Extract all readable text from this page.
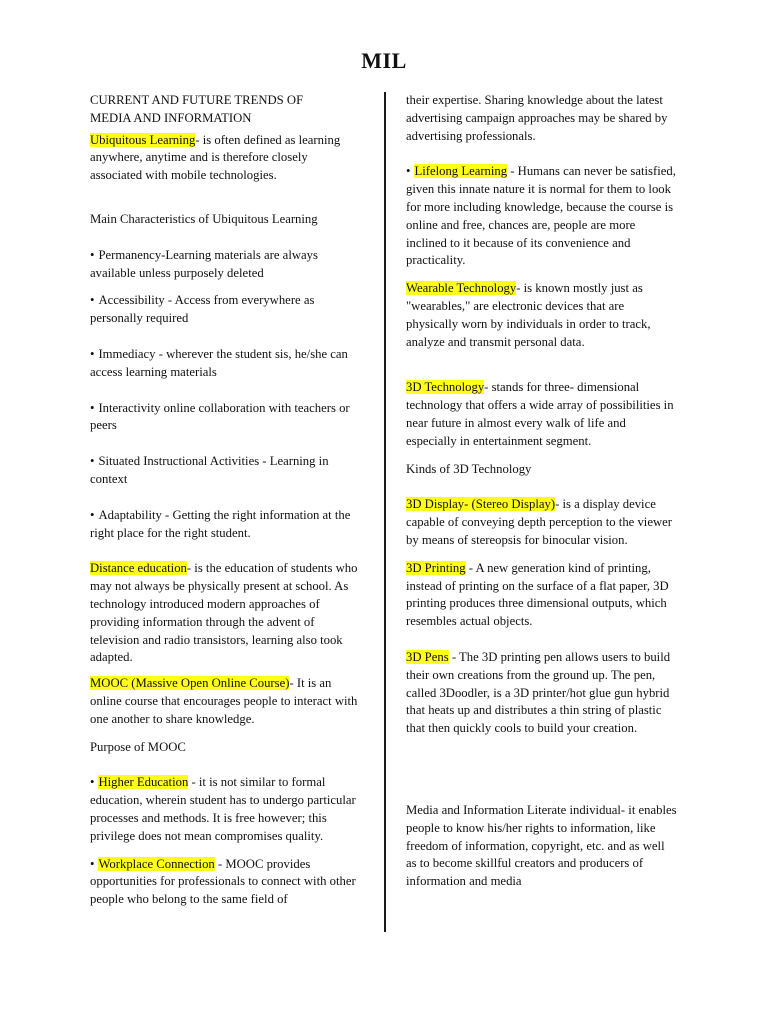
MIL

CURRENT AND FUTURE TRENDS OF MEDIA AND INFORMATION

Ubiquitous Learning- is often defined as learning anywhere, anytime and is therefore closely associated with mobile technologies.

Main Characteristics of Ubiquitous Learning

• Permanency-Learning materials are always available unless purposely deleted

• Accessibility - Access from everywhere as personally required

• Immediacy - wherever the student sis, he/she can access learning materials

• Interactivity online collaboration with teachers or peers

• Situated Instructional Activities - Learning in context

• Adaptability - Getting the right information at the right place for the right student.

Distance education- is the education of students who may not always be physically present at school. As technology introduced modern approaches of providing information through the advent of television and radio transistors, learning also took adapted.

MOOC (Massive Open Online Course)- It is an online course that encourages people to interact with one another to share knowledge.

Purpose of MOOC

• Higher Education - it is not similar to formal education, wherein student has to undergo particular processes and methods. It is free however; this privilege does not mean compromises quality.

• Workplace Connection - MOOC provides opportunities for professionals to connect with other people who belong to the same field of

their expertise. Sharing knowledge about the latest advertising campaign approaches may be shared by advertising professionals.

• Lifelong Learning - Humans can never be satisfied, given this innate nature it is normal for them to look for more including knowledge, because the course is online and free, chances are, people are more inclined to it because of its convenience and practicality.

Wearable Technology- is known mostly just as "wearables," are electronic devices that are physically worn by individuals in order to track, analyze and transmit personal data.

3D Technology- stands for three- dimensional technology that offers a wide array of possibilities in near future in almost every walk of life and especially in entertainment segment.

Kinds of 3D Technology

3D Display- (Stereo Display)- is a display device capable of conveying depth perception to the viewer by means of stereopsis for binocular vision.

3D Printing - A new generation kind of printing, instead of printing on the surface of a flat paper, 3D printing produces three dimensional outputs, which resembles actual objects.

3D Pens - The 3D printing pen allows users to build their own creations from the ground up. The pen, called 3Doodler, is a 3D printer/hot glue gun hybrid that heats up and distributes a thin string of plastic that then quickly cools to build your creation.

Media and Information Literate individual- it enables people to know his/her rights to information, like freedom of information, copyright, etc. and as well as to become skillful creators and producers of information and media
